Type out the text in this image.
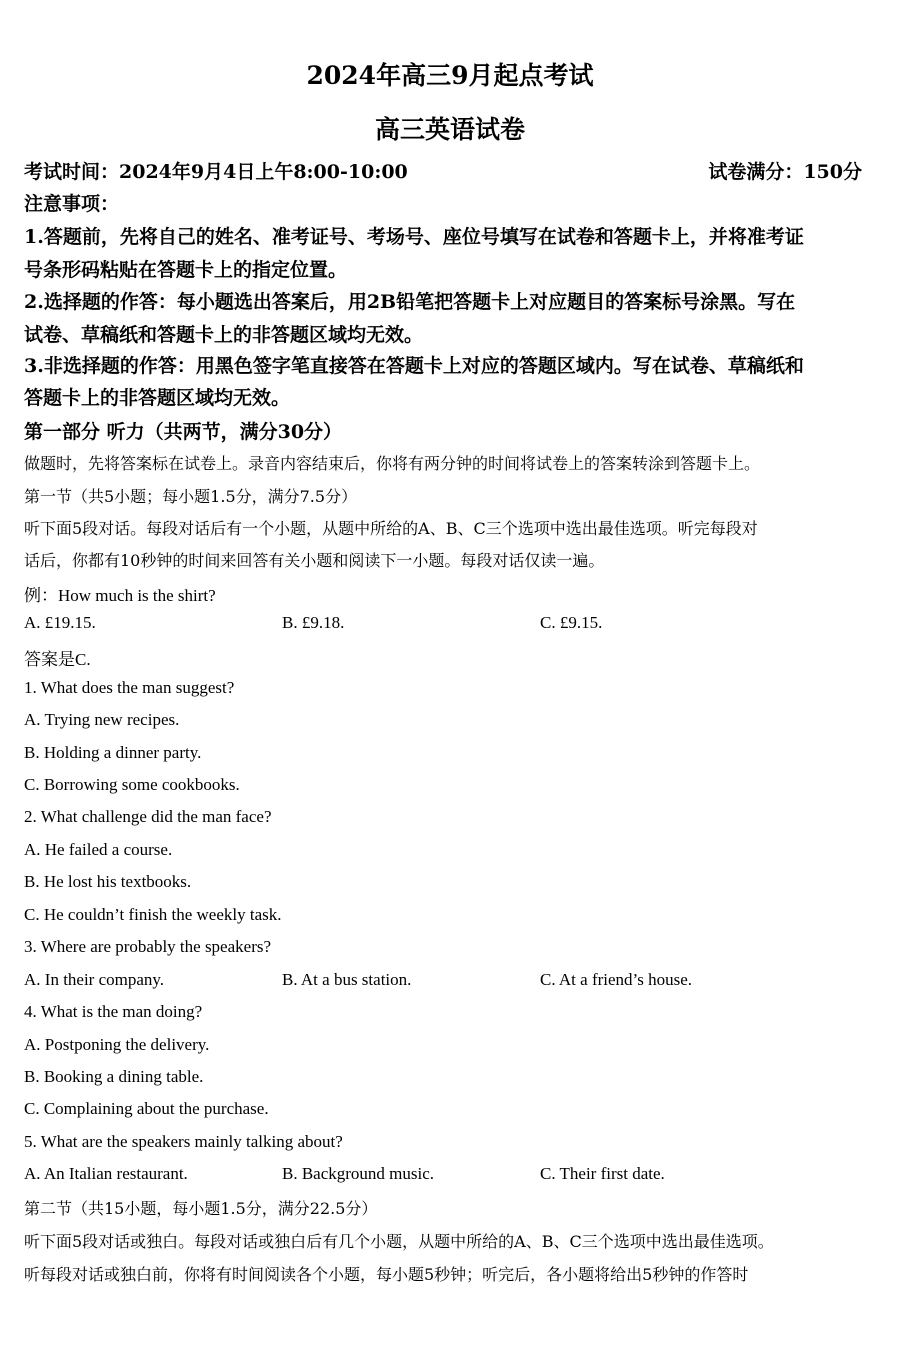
2024年高三9月起点考试
高三英语试卷
考试时间：2024年9月4日上午8:00-10:00	试卷满分：150分
注意事项：
1.答题前，先将自己的姓名、准考证号、考场号、座位号填写在试卷和答题卡上，并将准考证
号条形码粘贴在答题卡上的指定位置。
2.选择题的作答：每小题选出答案后，用2B铅笔把答题卡上对应题目的答案标号涂黑。写在
试卷、草稿纸和答题卡上的非答题区域均无效。
3.非选择题的作答：用黑色签字笔直接答在答题卡上对应的答题区域内。写在试卷、草稿纸和
答题卡上的非答题区域均无效。
第一部分 听力（共两节，满分30分）
做题时，先将答案标在试卷上。录音内容结束后，你将有两分钟的时间将试卷上的答案转涂到答题卡上。
第一节（共5小题；每小题1.5分，满分7.5分）
听下面5段对话。每段对话后有一个小题，从题中所给的A、B、C三个选项中选出最佳选项。听完每段对
话后，你都有10秒钟的时间来回答有关小题和阅读下一小题。每段对话仅读一遍。
例：How much is the shirt?
A. £19.15.	B. £9.18.	C. £9.15.
答案是C.
1. What does the man suggest?
A. Trying new recipes.
B. Holding a dinner party.
C. Borrowing some cookbooks.
2. What challenge did the man face?
A. He failed a course.
B. He lost his textbooks.
C. He couldn’t finish the weekly task.
3. Where are probably the speakers?
A. In their company.	B. At a bus station.	C. At a friend’s house.
4. What is the man doing?
A. Postponing the delivery.
B. Booking a dining table.
C. Complaining about the purchase.
5. What are the speakers mainly talking about?
A. An Italian restaurant.	B. Background music.	C. Their first date.
第二节（共15小题，每小题1.5分，满分22.5分）
听下面5段对话或独白。每段对话或独白后有几个小题，从题中所给的A、B、C三个选项中选出最佳选项。
听每段对话或独白前，你将有时间阅读各个小题，每小题5秒钟；听完后，各小题将给出5秒钟的作答时
